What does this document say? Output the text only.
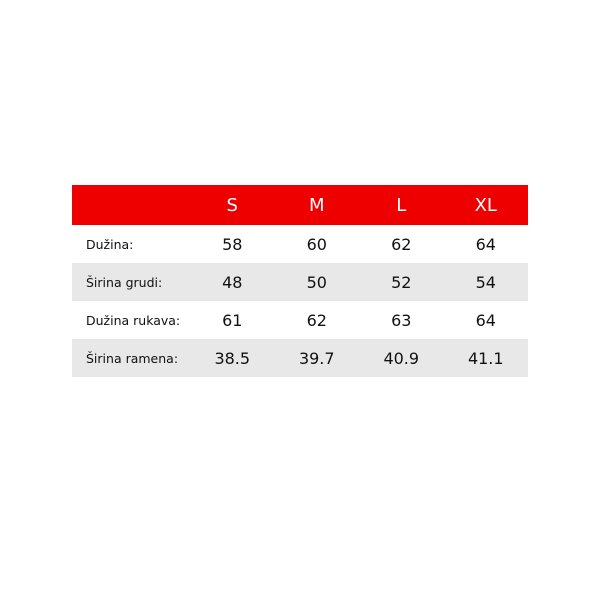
	S	M	L	XL
Dužina:	58	60	62	64
Širina grudi:	48	50	52	54
Dužina rukava:	61	62	63	64
Širina ramena:	38.5	39.7	40.9	41.1
